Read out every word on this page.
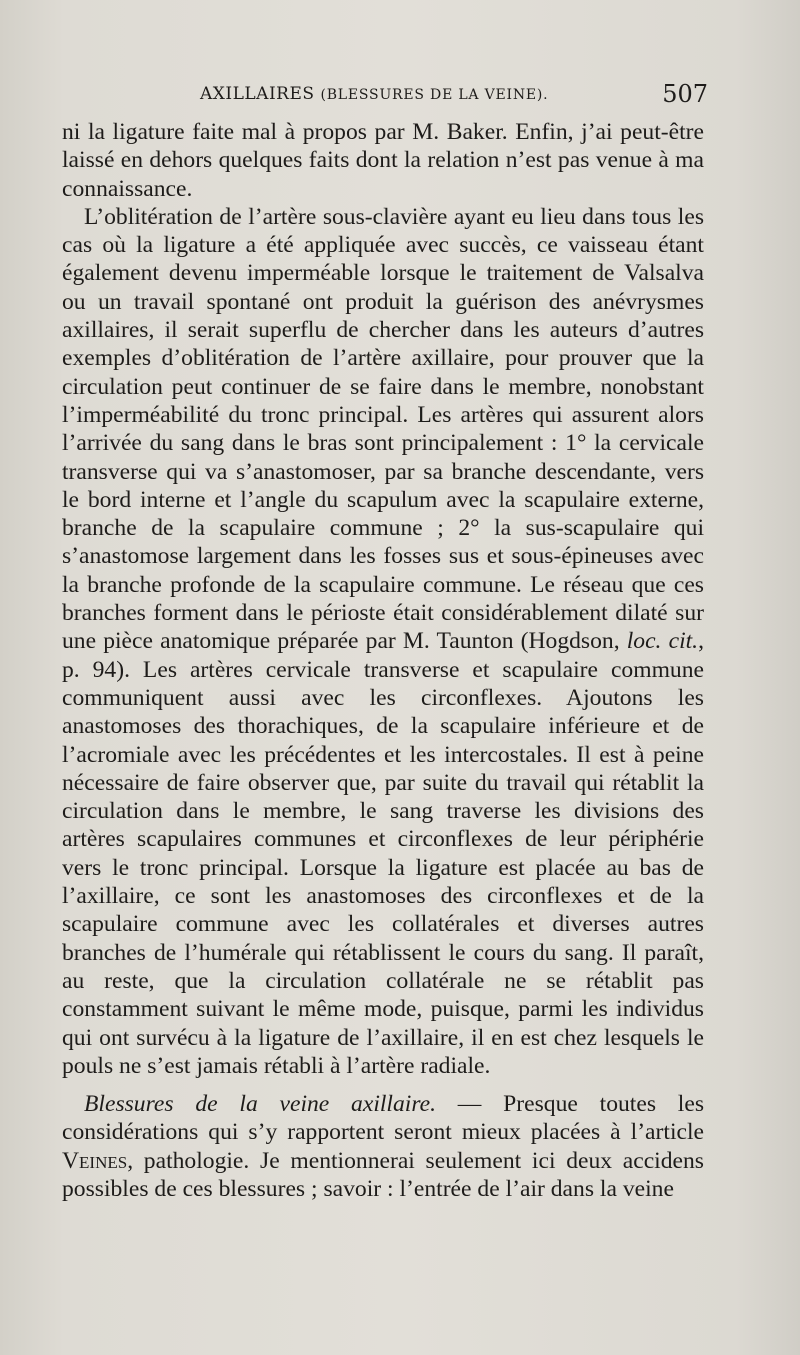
AXILLAIRES (BLESSURES DE LA VEINE).	507

ni la ligature faite mal à propos par M. Baker. Enfin, j’ai peut-être laissé en dehors quelques faits dont la relation n’est pas venue à ma connaissance.

L’oblitération de l’artère sous-clavière ayant eu lieu dans tous les cas où la ligature a été appliquée avec succès, ce vaisseau étant également devenu imperméable lorsque le traitement de Valsalva ou un travail spontané ont produit la guérison des anévrysmes axillaires, il serait superflu de chercher dans les auteurs d’autres exemples d’oblitération de l’artère axillaire, pour prouver que la circulation peut continuer de se faire dans le membre, nonobstant l’imperméabilité du tronc principal. Les artères qui assurent alors l’arrivée du sang dans le bras sont principalement : 1° la cervicale transverse qui va s’anastomoser, par sa branche descendante, vers le bord interne et l’angle du scapulum avec la scapulaire externe, branche de la scapulaire commune ; 2° la sus-scapulaire qui s’anastomose largement dans les fosses sus et sous-épineuses avec la branche profonde de la scapulaire commune. Le réseau que ces branches forment dans le périoste était considérablement dilaté sur une pièce anatomique préparée par M. Taunton (Hogdson, loc. cit., p. 94). Les artères cervicale transverse et scapulaire commune communiquent aussi avec les circonflexes. Ajoutons les anastomoses des thorachiques, de la scapulaire inférieure et de l’acromiale avec les précédentes et les intercostales. Il est à peine nécessaire de faire observer que, par suite du travail qui rétablit la circulation dans le membre, le sang traverse les divisions des artères scapulaires communes et circonflexes de leur périphérie vers le tronc principal. Lorsque la ligature est placée au bas de l’axillaire, ce sont les anastomoses des circonflexes et de la scapulaire commune avec les collatérales et diverses autres branches de l’humérale qui rétablissent le cours du sang. Il paraît, au reste, que la circulation collatérale ne se rétablit pas constamment suivant le même mode, puisque, parmi les individus qui ont survécu à la ligature de l’axillaire, il en est chez lesquels le pouls ne s’est jamais rétabli à l’artère radiale.

Blessures de la veine axillaire. — Presque toutes les considérations qui s’y rapportent seront mieux placées à l’article Veines, pathologie. Je mentionnerai seulement ici deux accidens possibles de ces blessures ; savoir : l’entrée de l’air dans la veine
